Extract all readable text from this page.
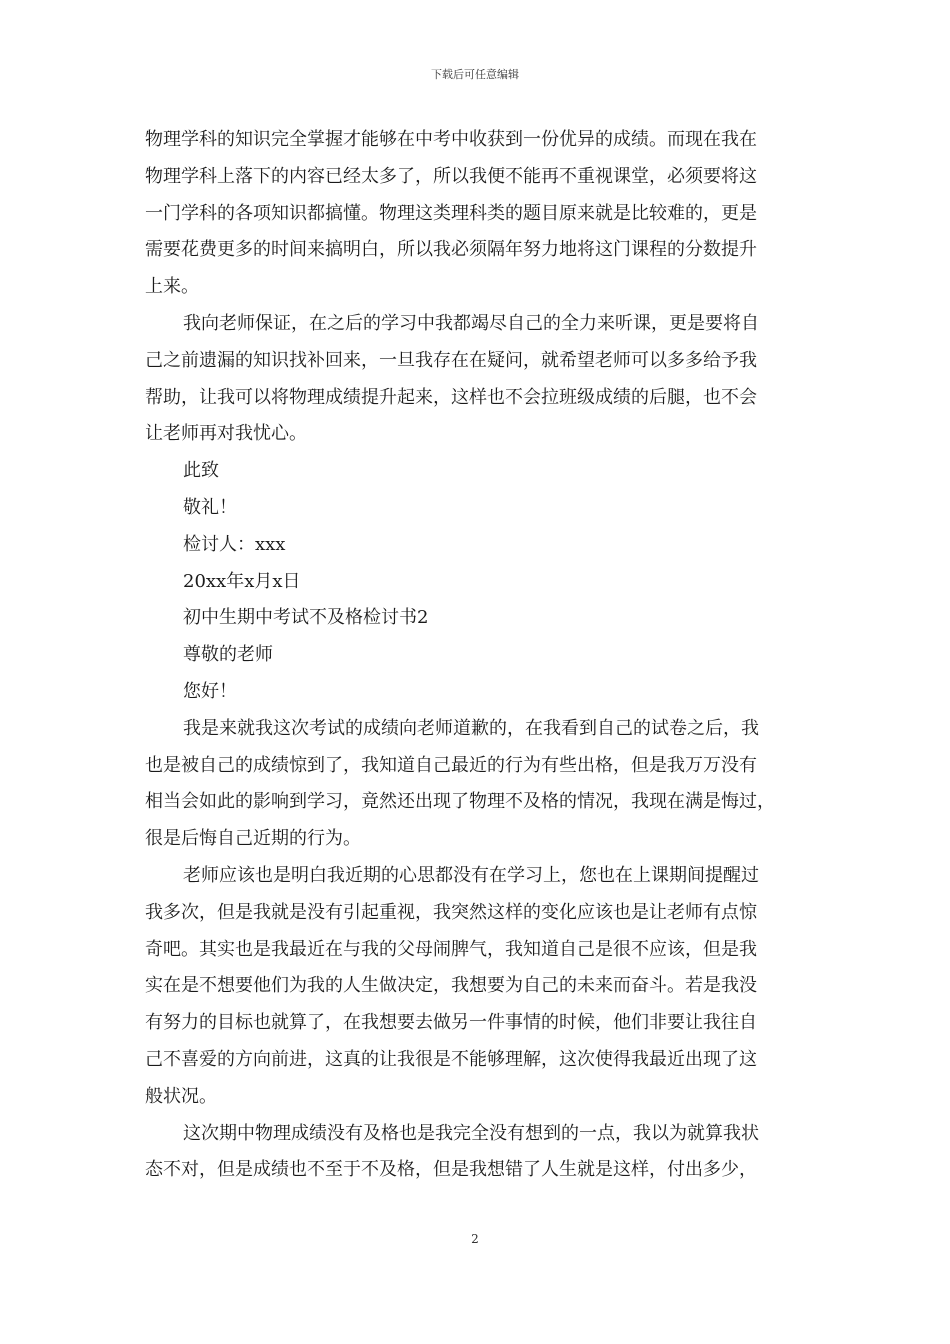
下载后可任意编辑
物理学科的知识完全掌握才能够在中考中收获到一份优异的成绩。而现在我在
物理学科上落下的内容已经太多了，所以我便不能再不重视课堂，必须要将这
一门学科的各项知识都搞懂。物理这类理科类的题目原来就是比较难的，更是
需要花费更多的时间来搞明白，所以我必须隔年努力地将这门课程的分数提升
上来。
我向老师保证，在之后的学习中我都竭尽自己的全力来听课，更是要将自
己之前遗漏的知识找补回来，一旦我存在在疑问，就希望老师可以多多给予我
帮助，让我可以将物理成绩提升起来，这样也不会拉班级成绩的后腿，也不会
让老师再对我忧心。
此致
敬礼！
检讨人：xxx
20xx年x月x日
初中生期中考试不及格检讨书2
尊敬的老师
您好！
我是来就我这次考试的成绩向老师道歉的，在我看到自己的试卷之后，我
也是被自己的成绩惊到了，我知道自己最近的行为有些出格，但是我万万没有
相当会如此的影响到学习，竟然还出现了物理不及格的情况，我现在满是悔过，
很是后悔自己近期的行为。
老师应该也是明白我近期的心思都没有在学习上，您也在上课期间提醒过
我多次，但是我就是没有引起重视，我突然这样的变化应该也是让老师有点惊
奇吧。其实也是我最近在与我的父母闹脾气，我知道自己是很不应该，但是我
实在是不想要他们为我的人生做决定，我想要为自己的未来而奋斗。若是我没
有努力的目标也就算了，在我想要去做另一件事情的时候，他们非要让我往自
己不喜爱的方向前进，这真的让我很是不能够理解，这次使得我最近出现了这
般状况。
这次期中物理成绩没有及格也是我完全没有想到的一点，我以为就算我状
态不对，但是成绩也不至于不及格，但是我想错了人生就是这样，付出多少，
2
